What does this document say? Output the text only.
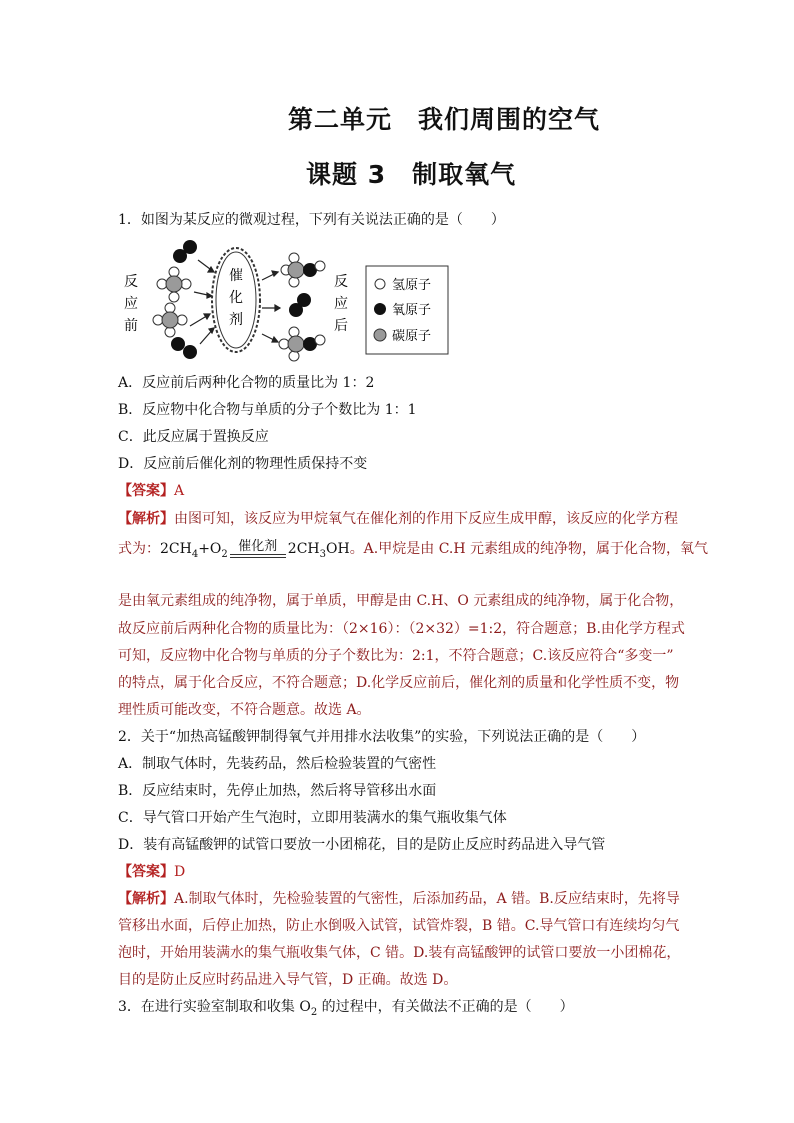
第二单元　我们周围的空气
课题 3　制取氧气
1．如图为某反应的微观过程，下列有关说法正确的是（　　）
反
应
前
催
化
剂
反
应
后
氢原子
氧原子
碳原子
A．反应前后两种化合物的质量比为 1：2
B．反应物中化合物与单质的分子个数比为 1：1
C．此反应属于置换反应
D．反应前后催化剂的物理性质保持不变
【答案】A
【解析】由图可知，该反应为甲烷氧气在催化剂的作用下反应生成甲醇，该反应的化学方程
式为：$2CH_4+O_2$
催化剂 $2CH_3OH$。A.甲烷是由 C.H 元素组成的纯净物，属于化合物，氧气
是由氧元素组成的纯净物，属于单质，甲醇是由 C.H、O 元素组成的纯净物，属于化合物，
故反应前后两种化合物的质量比为：（2×16）：（2×32）=1:2，符合题意；B.由化学方程式
可知，反应物中化合物与单质的分子个数比为：2:1，不符合题意；C.该反应符合“多变一”
的特点，属于化合反应，不符合题意；D.化学反应前后，催化剂的质量和化学性质不变，物
理性质可能改变，不符合题意。故选 A。
2．关于“加热高锰酸钾制得氧气并用排水法收集”的实验，下列说法正确的是（　　）
A．制取气体时，先装药品，然后检验装置的气密性
B．反应结束时，先停止加热，然后将导管移出水面
C．导气管口开始产生气泡时，立即用装满水的集气瓶收集气体
D．装有高锰酸钾的试管口要放一小团棉花，目的是防止反应时药品进入导气管
【答案】D
【解析】A.制取气体时，先检验装置的气密性，后添加药品，A 错。B.反应结束时，先将导
管移出水面，后停止加热，防止水倒吸入试管，试管炸裂，B 错。C.导气管口有连续均匀气
泡时，开始用装满水的集气瓶收集气体，C 错。D.装有高锰酸钾的试管口要放一小团棉花，
目的是防止反应时药品进入导气管，D 正确。故选 D。
3．在进行实验室制取和收集 $O_2$ 的过程中，有关做法不正确的是（　　）
